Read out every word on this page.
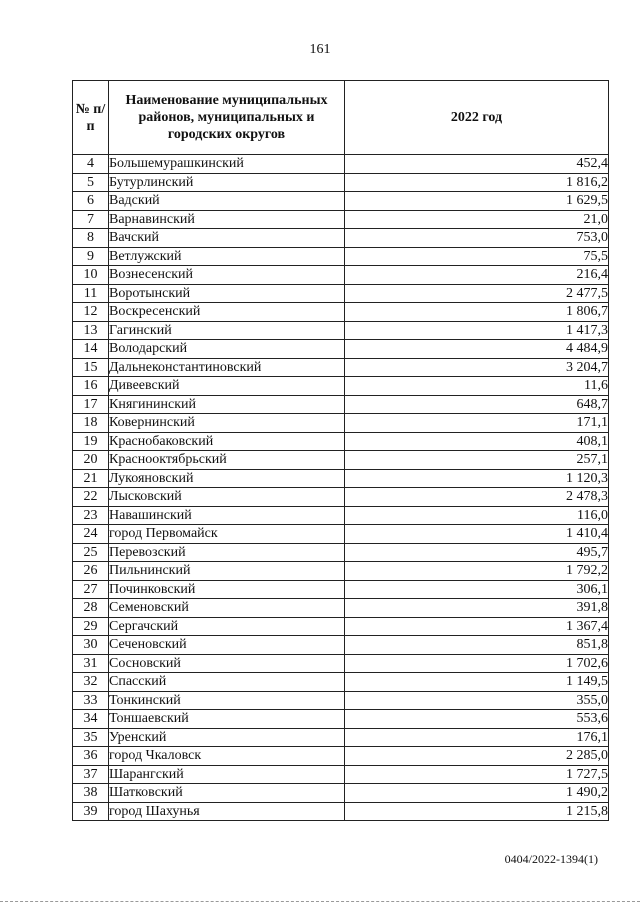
161
№ п/п	Наименование муниципальных районов, муниципальных и городских округов	2022 год
4	Большемурашкинский	452,4
5	Бутурлинский	1 816,2
6	Вадский	1 629,5
7	Варнавинский	21,0
8	Вачский	753,0
9	Ветлужский	75,5
10	Вознесенский	216,4
11	Воротынский	2 477,5
12	Воскресенский	1 806,7
13	Гагинский	1 417,3
14	Володарский	4 484,9
15	Дальнеконстантиновский	3 204,7
16	Дивеевский	11,6
17	Княгининский	648,7
18	Ковернинский	171,1
19	Краснобаковский	408,1
20	Краснооктябрьский	257,1
21	Лукояновский	1 120,3
22	Лысковский	2 478,3
23	Навашинский	116,0
24	город Первомайск	1 410,4
25	Перевозский	495,7
26	Пильнинский	1 792,2
27	Починковский	306,1
28	Семеновский	391,8
29	Сергачский	1 367,4
30	Сеченовский	851,8
31	Сосновский	1 702,6
32	Спасский	1 149,5
33	Тонкинский	355,0
34	Тоншаевский	553,6
35	Уренский	176,1
36	город Чкаловск	2 285,0
37	Шарангский	1 727,5
38	Шатковский	1 490,2
39	город Шахунья	1 215,8
0404/2022-1394(1)
